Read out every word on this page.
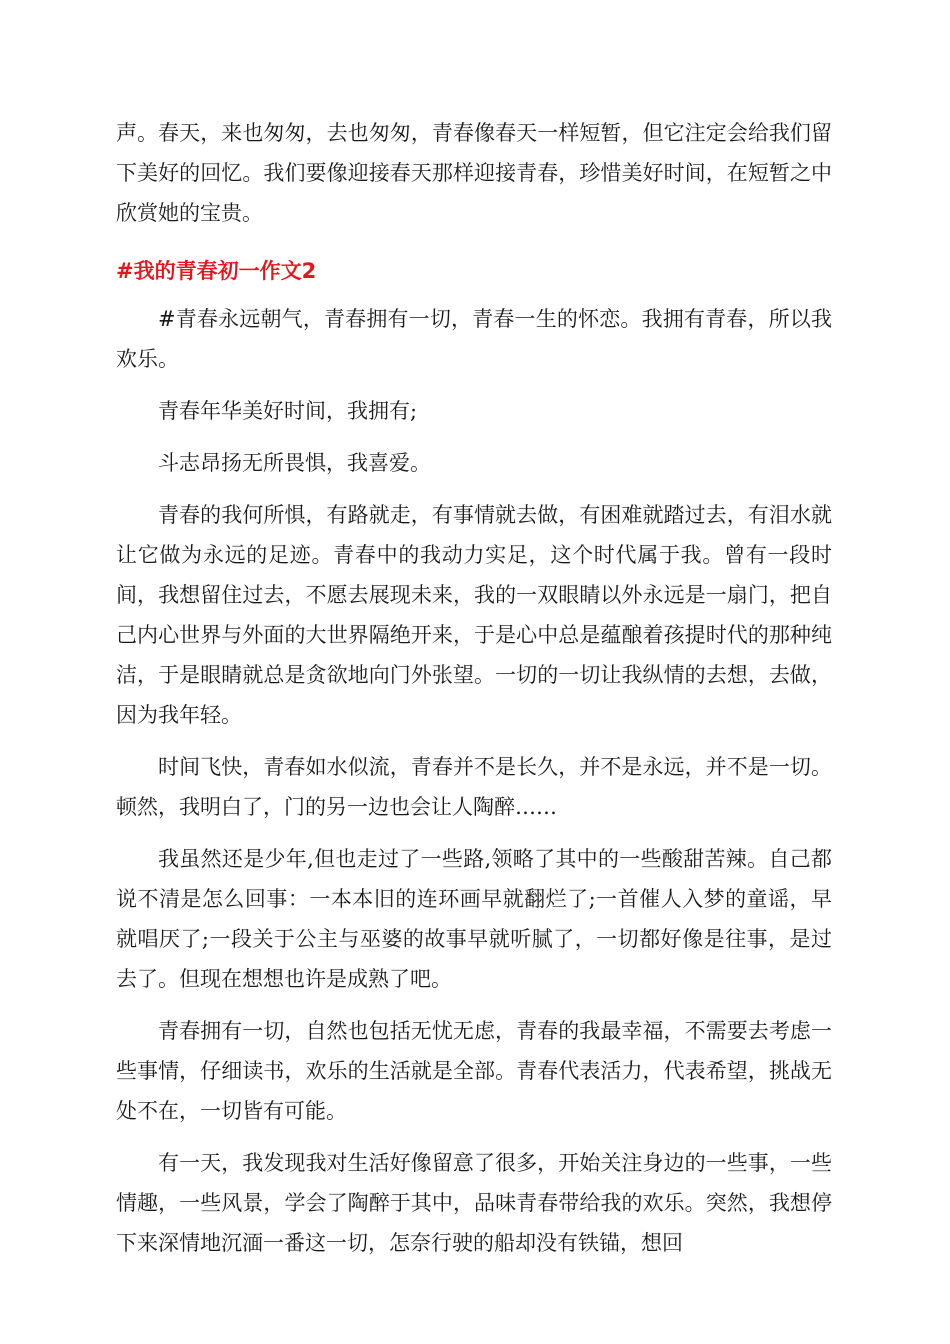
声。春天，来也匆匆，去也匆匆，青春像春天一样短暂，但它注定会给我们留下美好的回忆。我们要像迎接春天那样迎接青春，珍惜美好时间，在短暂之中欣赏她的宝贵。

#我的青春初一作文2

#青春永远朝气，青春拥有一切，青春一生的怀恋。我拥有青春，所以我欢乐。

青春年华美好时间，我拥有;

斗志昂扬无所畏惧，我喜爱。

青春的我何所惧，有路就走，有事情就去做，有困难就踏过去，有泪水就让它做为永远的足迹。青春中的我动力实足，这个时代属于我。曾有一段时间，我想留住过去，不愿去展现未来，我的一双眼睛以外永远是一扇门，把自己内心世界与外面的大世界隔绝开来，于是心中总是蕴酿着孩提时代的那种纯洁，于是眼睛就总是贪欲地向门外张望。一切的一切让我纵情的去想，去做，因为我年轻。

时间飞快，青春如水似流，青春并不是长久，并不是永远，并不是一切。顿然，我明白了，门的另一边也会让人陶醉……

我虽然还是少年,但也走过了一些路,领略了其中的一些酸甜苦辣。自己都说不清是怎么回事：一本本旧的连环画早就翻烂了;一首催人入梦的童谣，早就唱厌了;一段关于公主与巫婆的故事早就听腻了，一切都好像是往事，是过去了。但现在想想也许是成熟了吧。

青春拥有一切，自然也包括无忧无虑，青春的我最幸福，不需要去考虑一些事情，仔细读书，欢乐的生活就是全部。青春代表活力，代表希望，挑战无处不在，一切皆有可能。

有一天，我发现我对生活好像留意了很多，开始关注身边的一些事，一些情趣，一些风景，学会了陶醉于其中，品味青春带给我的欢乐。突然，我想停下来深情地沉湎一番这一切，怎奈行驶的船却没有铁锚，想回
